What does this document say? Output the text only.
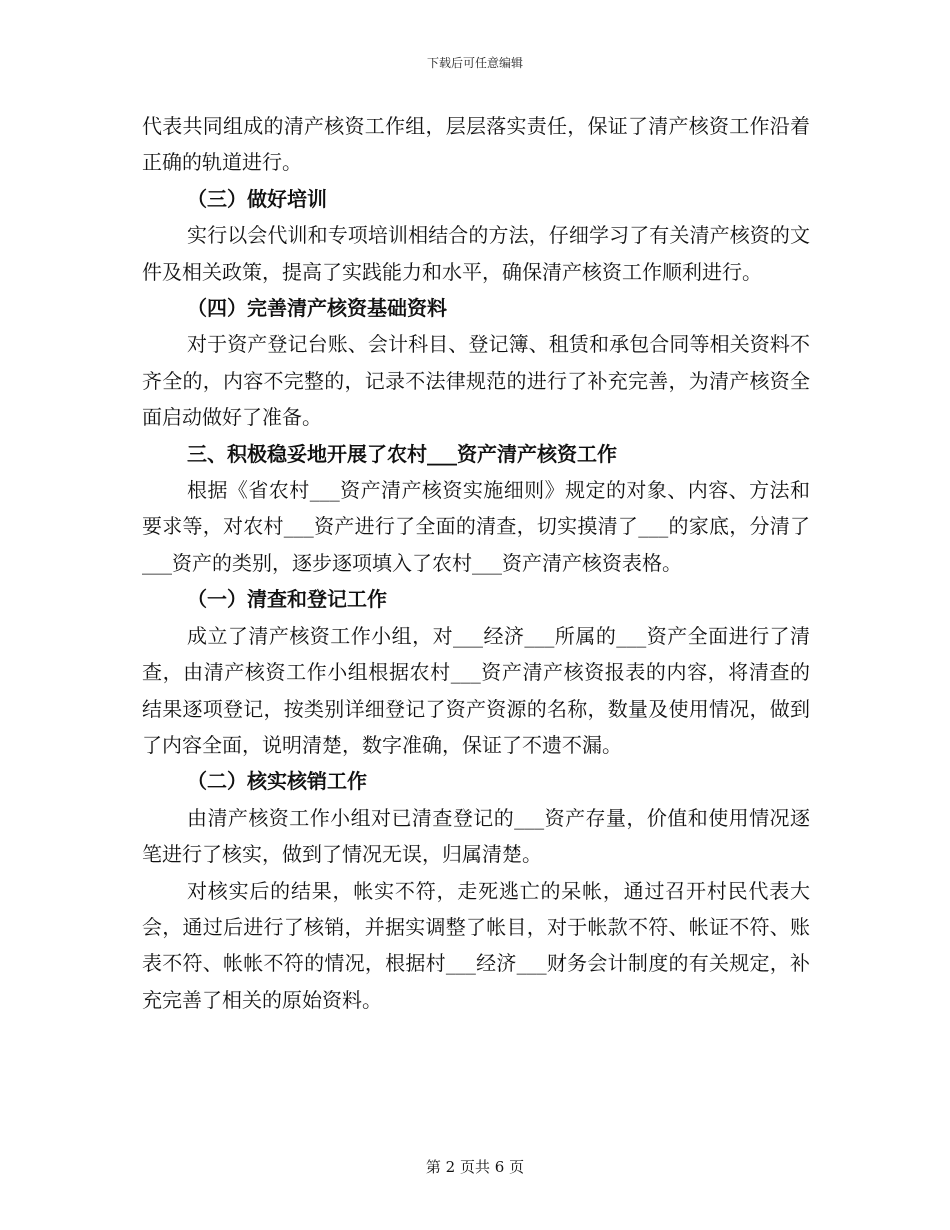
下载后可任意编辑

代表共同组成的清产核资工作组，层层落实责任，保证了清产核资工作沿着正确的轨道进行。

（三）做好培训

实行以会代训和专项培训相结合的方法，仔细学习了有关清产核资的文件及相关政策，提高了实践能力和水平，确保清产核资工作顺利进行。

（四）完善清产核资基础资料

对于资产登记台账、会计科目、登记簿、租赁和承包合同等相关资料不齐全的，内容不完整的，记录不法律规范的进行了补充完善，为清产核资全面启动做好了准备。

三、积极稳妥地开展了农村___资产清产核资工作

根据《省农村___资产清产核资实施细则》规定的对象、内容、方法和要求等，对农村___资产进行了全面的清查，切实摸清了___的家底，分清了___资产的类别，逐步逐项填入了农村___资产清产核资表格。

（一）清查和登记工作

成立了清产核资工作小组，对___经济___所属的___资产全面进行了清查，由清产核资工作小组根据农村___资产清产核资报表的内容，将清查的结果逐项登记，按类别详细登记了资产资源的名称，数量及使用情况，做到了内容全面，说明清楚，数字准确，保证了不遗不漏。

（二）核实核销工作

由清产核资工作小组对已清查登记的___资产存量，价值和使用情况逐笔进行了核实，做到了情况无误，归属清楚。

对核实后的结果，帐实不符，走死逃亡的呆帐，通过召开村民代表大会，通过后进行了核销，并据实调整了帐目，对于帐款不符、帐证不符、账表不符、帐帐不符的情况，根据村___经济___财务会计制度的有关规定，补充完善了相关的原始资料。

第 2 页共 6 页
